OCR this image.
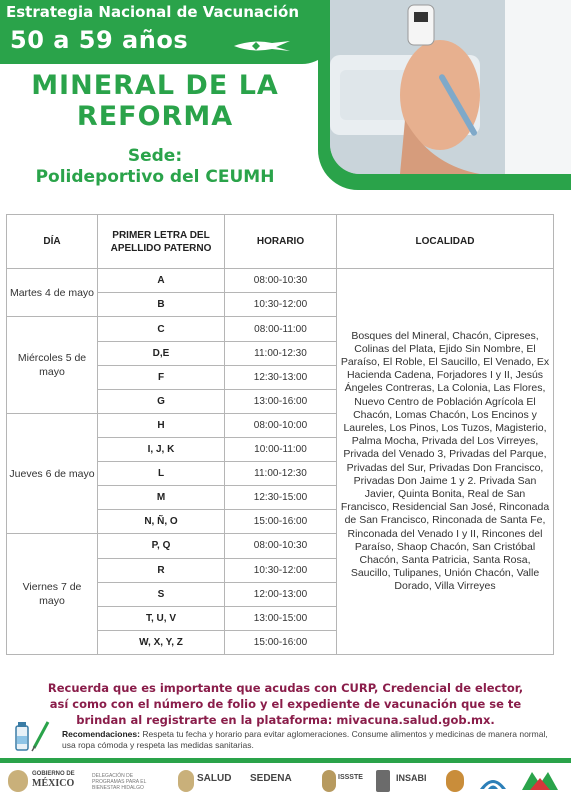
Estrategia Nacional de Vacunación
50 a 59 años
MINERAL DE LA REFORMA
Sede:
Polideportivo del CEUMH
DÍA	PRIMER LETRA DEL APELLIDO PATERNO	HORARIO	LOCALIDAD
Martes 4 de mayo	A	08:00-10:30	Bosques del Mineral, Chacón, Cipreses, Colinas del Plata, Ejido Sin Nombre, El Paraíso, El Roble, El Saucillo, El Venado, Ex Hacienda Cadena, Forjadores I y II, Jesús Ángeles Contreras, La Colonia, Las Flores, Nuevo Centro de Población Agrícola El Chacón, Lomas Chacón, Los Encinos y Laureles, Los Pinos, Los Tuzos, Magisterio, Palma Mocha, Privada del Los Virreyes, Privada del Venado 3, Privadas del Parque, Privadas del Sur, Privadas Don Francisco, Privadas Don Jaime 1 y 2. Privada San Javier, Quinta Bonita, Real de San Francisco, Residencial San José, Rinconada de San Francisco, Rinconada de Santa Fe, Rinconada del Venado I y II, Rincones del Paraíso, Shaop Chacón, San Cristóbal Chacón, Santa Patricia, Santa Rosa, Saucillo, Tulipanes, Unión Chacón, Valle Dorado, Villa Virreyes
	B	10:30-12:00	
Miércoles 5 de mayo	C	08:00-11:00	
	D,E	11:00-12:30	
	F	12:30-13:00	
	G	13:00-16:00	
Jueves 6 de mayo	H	08:00-10:00	
	I, J, K	10:00-11:00	
	L	11:00-12:30	
	M	12:30-15:00	
	N, Ñ, O	15:00-16:00	
Viernes 7 de mayo	P, Q	08:00-10:30	
	R	10:30-12:00	
	S	12:00-13:00	
	T, U, V	13:00-15:00	
	W, X, Y, Z	15:00-16:00	
Recuerda que es importante que acudas con CURP, Credencial de elector,
así como con el número de folio y el expediente de vacunación que se te
brindan al registrarte en la plataforma: mivacuna.salud.gob.mx.
Recomendaciones: Respeta tu fecha y horario para evitar aglomeraciones. Consume alimentos y medicinas de manera normal, usa ropa cómoda y respeta las medidas sanitarias.
GOBIERNO DE
MÉXICO
DELEGACIÓN DE PROGRAMAS PARA EL BIENESTAR HIDALGO
SALUD SEDENA	ISSSTE	INSABI
